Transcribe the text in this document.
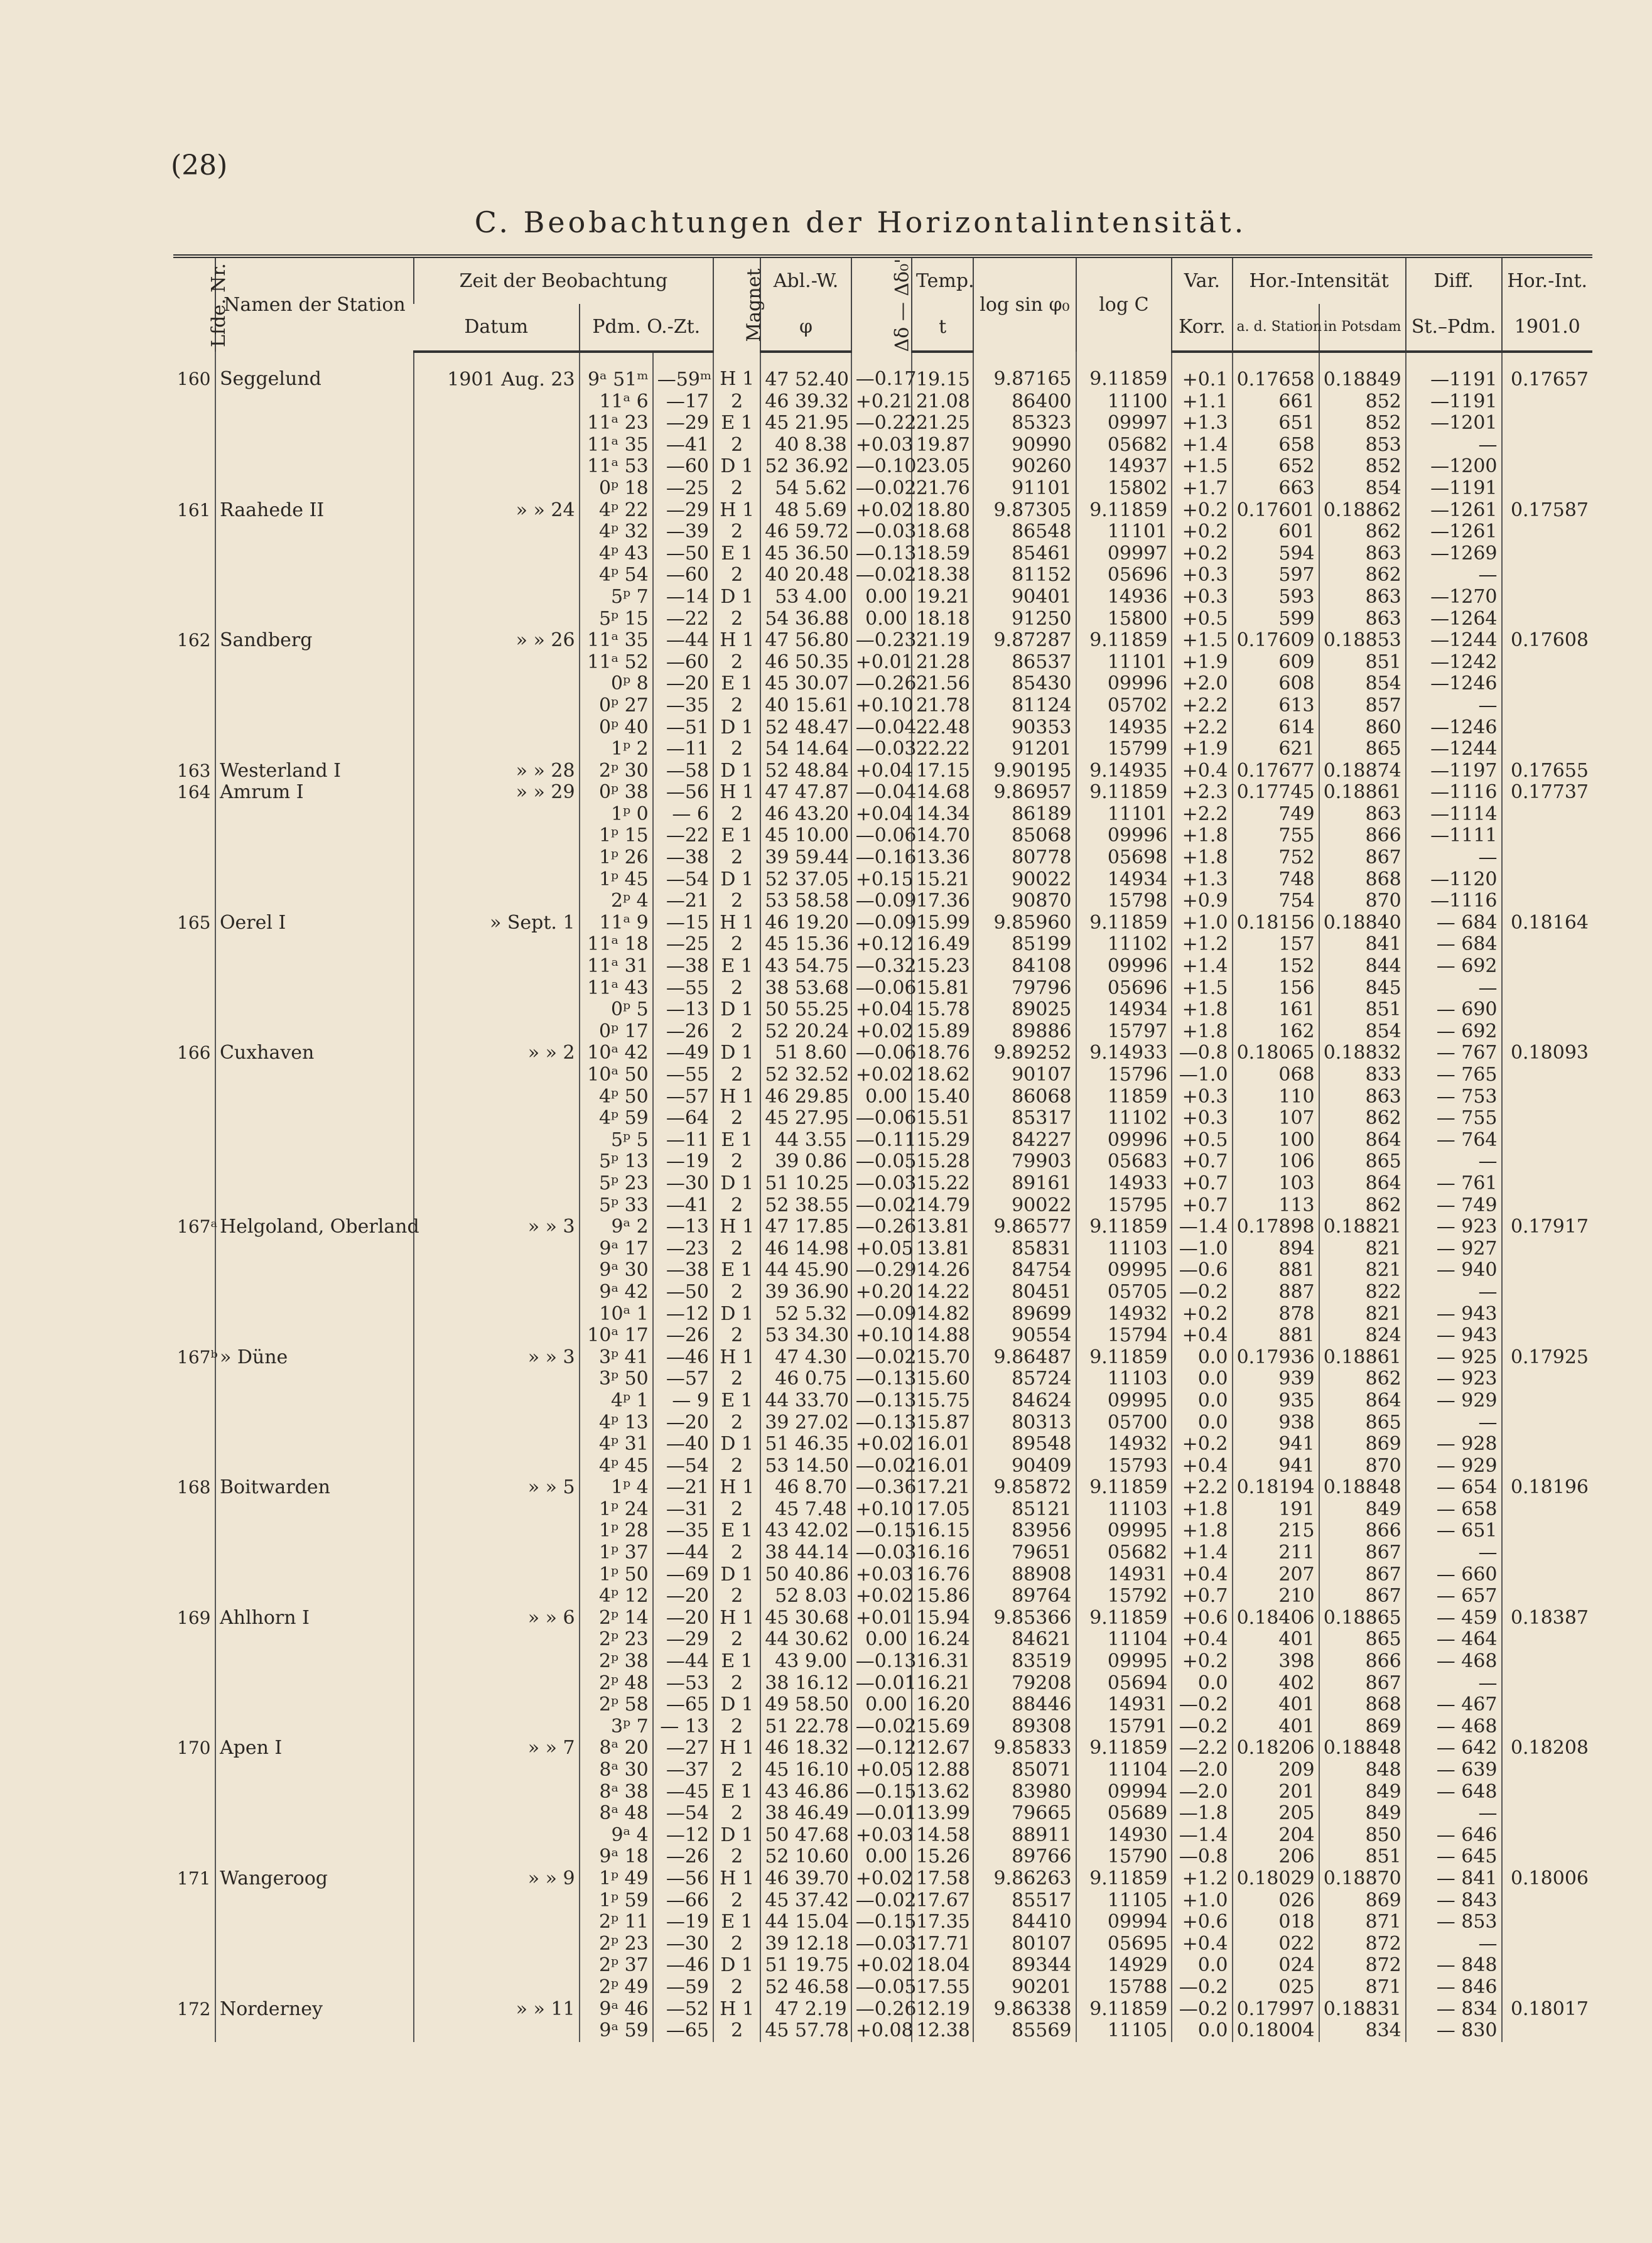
(28)
C. Beobachtungen der Horizontalintensität.
Lfde. Nr.	Namen der Station	Zeit der Beobachtung			Magnet	Abl.-W.	Δδ — Δδ₀'	Temp.	log sin φ₀	log C	Var.	Hor.-Intensität		Diff.	Hor.-Int.
		Datum	Pdm. O.-Zt.			φ		t			Korr.	a. d. Station	in Potsdam	St.–Pdm.	1901.0
160	Seggelund	1901 Aug. 23	9ᵃ 51ᵐ	—59ᵐ	H 1	47 52.40	—0.17	19.15	9.87165	9.11859	+0.1	0.17658	0.18849	—1191	0.17657
			11ᵃ 6	—17	2	46 39.32	+0.21	21.08	86400	11100	+1.1	661	852	—1191	
			11ᵃ 23	—29	E 1	45 21.95	—0.22	21.25	85323	09997	+1.3	651	852	—1201	
			11ᵃ 35	—41	2	40 8.38	+0.03	19.87	90990	05682	+1.4	658	853	—	
			11ᵃ 53	—60	D 1	52 36.92	—0.10	23.05	90260	14937	+1.5	652	852	—1200	
			0ᵖ 18	—25	2	54 5.62	—0.02	21.76	91101	15802	+1.7	663	854	—1191	
161	Raahede II	» » 24	4ᵖ 22	—29	H 1	48 5.69	+0.02	18.80	9.87305	9.11859	+0.2	0.17601	0.18862	—1261	0.17587
			4ᵖ 32	—39	2	46 59.72	—0.03	18.68	86548	11101	+0.2	601	862	—1261	
			4ᵖ 43	—50	E 1	45 36.50	—0.13	18.59	85461	09997	+0.2	594	863	—1269	
			4ᵖ 54	—60	2	40 20.48	—0.02	18.38	81152	05696	+0.3	597	862	—	
			5ᵖ 7	—14	D 1	53 4.00	0.00	19.21	90401	14936	+0.3	593	863	—1270	
			5ᵖ 15	—22	2	54 36.88	0.00	18.18	91250	15800	+0.5	599	863	—1264	
162	Sandberg	» » 26	11ᵃ 35	—44	H 1	47 56.80	—0.23	21.19	9.87287	9.11859	+1.5	0.17609	0.18853	—1244	0.17608
			11ᵃ 52	—60	2	46 50.35	+0.01	21.28	86537	11101	+1.9	609	851	—1242	
			0ᵖ 8	—20	E 1	45 30.07	—0.26	21.56	85430	09996	+2.0	608	854	—1246	
			0ᵖ 27	—35	2	40 15.61	+0.10	21.78	81124	05702	+2.2	613	857	—	
			0ᵖ 40	—51	D 1	52 48.47	—0.04	22.48	90353	14935	+2.2	614	860	—1246	
			1ᵖ 2	—11	2	54 14.64	—0.03	22.22	91201	15799	+1.9	621	865	—1244	
163	Westerland I	» » 28	2ᵖ 30	—58	D 1	52 48.84	+0.04	17.15	9.90195	9.14935	+0.4	0.17677	0.18874	—1197	0.17655
164	Amrum I	» » 29	0ᵖ 38	—56	H 1	47 47.87	—0.04	14.68	9.86957	9.11859	+2.3	0.17745	0.18861	—1116	0.17737
			1ᵖ 0	— 6	2	46 43.20	+0.04	14.34	86189	11101	+2.2	749	863	—1114	
			1ᵖ 15	—22	E 1	45 10.00	—0.06	14.70	85068	09996	+1.8	755	866	—1111	
			1ᵖ 26	—38	2	39 59.44	—0.16	13.36	80778	05698	+1.8	752	867	—	
			1ᵖ 45	—54	D 1	52 37.05	+0.15	15.21	90022	14934	+1.3	748	868	—1120	
			2ᵖ 4	—21	2	53 58.58	—0.09	17.36	90870	15798	+0.9	754	870	—1116	
165	Oerel I	» Sept. 1	11ᵃ 9	—15	H 1	46 19.20	—0.09	15.99	9.85960	9.11859	+1.0	0.18156	0.18840	— 684	0.18164
			11ᵃ 18	—25	2	45 15.36	+0.12	16.49	85199	11102	+1.2	157	841	— 684	
			11ᵃ 31	—38	E 1	43 54.75	—0.32	15.23	84108	09996	+1.4	152	844	— 692	
			11ᵃ 43	—55	2	38 53.68	—0.06	15.81	79796	05696	+1.5	156	845	—	
			0ᵖ 5	—13	D 1	50 55.25	+0.04	15.78	89025	14934	+1.8	161	851	— 690	
			0ᵖ 17	—26	2	52 20.24	+0.02	15.89	89886	15797	+1.8	162	854	— 692	
166	Cuxhaven	» » 2	10ᵃ 42	—49	D 1	51 8.60	—0.06	18.76	9.89252	9.14933	—0.8	0.18065	0.18832	— 767	0.18093
			10ᵃ 50	—55	2	52 32.52	+0.02	18.62	90107	15796	—1.0	068	833	— 765	
			4ᵖ 50	—57	H 1	46 29.85	0.00	15.40	86068	11859	+0.3	110	863	— 753	
			4ᵖ 59	—64	2	45 27.95	—0.06	15.51	85317	11102	+0.3	107	862	— 755	
			5ᵖ 5	—11	E 1	44 3.55	—0.11	15.29	84227	09996	+0.5	100	864	— 764	
			5ᵖ 13	—19	2	39 0.86	—0.05	15.28	79903	05683	+0.7	106	865	—	
			5ᵖ 23	—30	D 1	51 10.25	—0.03	15.22	89161	14933	+0.7	103	864	— 761	
			5ᵖ 33	—41	2	52 38.55	—0.02	14.79	90022	15795	+0.7	113	862	— 749	
167ᵃ	Helgoland, Oberland	» » 3	9ᵃ 2	—13	H 1	47 17.85	—0.26	13.81	9.86577	9.11859	—1.4	0.17898	0.18821	— 923	0.17917
			9ᵃ 17	—23	2	46 14.98	+0.05	13.81	85831	11103	—1.0	894	821	— 927	
			9ᵃ 30	—38	E 1	44 45.90	—0.29	14.26	84754	09995	—0.6	881	821	— 940	
			9ᵃ 42	—50	2	39 36.90	+0.20	14.22	80451	05705	—0.2	887	822	—	
			10ᵃ 1	—12	D 1	52 5.32	—0.09	14.82	89699	14932	+0.2	878	821	— 943	
			10ᵃ 17	—26	2	53 34.30	+0.10	14.88	90554	15794	+0.4	881	824	— 943	
167ᵇ	» Düne	» » 3	3ᵖ 41	—46	H 1	47 4.30	—0.02	15.70	9.86487	9.11859	0.0	0.17936	0.18861	— 925	0.17925
			3ᵖ 50	—57	2	46 0.75	—0.13	15.60	85724	11103	0.0	939	862	— 923	
			4ᵖ 1	— 9	E 1	44 33.70	—0.13	15.75	84624	09995	0.0	935	864	— 929	
			4ᵖ 13	—20	2	39 27.02	—0.13	15.87	80313	05700	0.0	938	865	—	
			4ᵖ 31	—40	D 1	51 46.35	+0.02	16.01	89548	14932	+0.2	941	869	— 928	
			4ᵖ 45	—54	2	53 14.50	—0.02	16.01	90409	15793	+0.4	941	870	— 929	
168	Boitwarden	» » 5	1ᵖ 4	—21	H 1	46 8.70	—0.36	17.21	9.85872	9.11859	+2.2	0.18194	0.18848	— 654	0.18196
			1ᵖ 24	—31	2	45 7.48	+0.10	17.05	85121	11103	+1.8	191	849	— 658	
			1ᵖ 28	—35	E 1	43 42.02	—0.15	16.15	83956	09995	+1.8	215	866	— 651	
			1ᵖ 37	—44	2	38 44.14	—0.03	16.16	79651	05682	+1.4	211	867	—	
			1ᵖ 50	—69	D 1	50 40.86	+0.03	16.76	88908	14931	+0.4	207	867	— 660	
			4ᵖ 12	—20	2	52 8.03	+0.02	15.86	89764	15792	+0.7	210	867	— 657	
169	Ahlhorn I	» » 6	2ᵖ 14	—20	H 1	45 30.68	+0.01	15.94	9.85366	9.11859	+0.6	0.18406	0.18865	— 459	0.18387
			2ᵖ 23	—29	2	44 30.62	0.00	16.24	84621	11104	+0.4	401	865	— 464	
			2ᵖ 38	—44	E 1	43 9.00	—0.13	16.31	83519	09995	+0.2	398	866	— 468	
			2ᵖ 48	—53	2	38 16.12	—0.01	16.21	79208	05694	0.0	402	867	—	
			2ᵖ 58	—65	D 1	49 58.50	0.00	16.20	88446	14931	—0.2	401	868	— 467	
			3ᵖ 7	— 13	2	51 22.78	—0.02	15.69	89308	15791	—0.2	401	869	— 468	
170	Apen I	» » 7	8ᵃ 20	—27	H 1	46 18.32	—0.12	12.67	9.85833	9.11859	—2.2	0.18206	0.18848	— 642	0.18208
			8ᵃ 30	—37	2	45 16.10	+0.05	12.88	85071	11104	—2.0	209	848	— 639	
			8ᵃ 38	—45	E 1	43 46.86	—0.15	13.62	83980	09994	—2.0	201	849	— 648	
			8ᵃ 48	—54	2	38 46.49	—0.01	13.99	79665	05689	—1.8	205	849	—	
			9ᵃ 4	—12	D 1	50 47.68	+0.03	14.58	88911	14930	—1.4	204	850	— 646	
			9ᵃ 18	—26	2	52 10.60	0.00	15.26	89766	15790	—0.8	206	851	— 645	
171	Wangeroog	» » 9	1ᵖ 49	—56	H 1	46 39.70	+0.02	17.58	9.86263	9.11859	+1.2	0.18029	0.18870	— 841	0.18006
			1ᵖ 59	—66	2	45 37.42	—0.02	17.67	85517	11105	+1.0	026	869	— 843	
			2ᵖ 11	—19	E 1	44 15.04	—0.15	17.35	84410	09994	+0.6	018	871	— 853	
			2ᵖ 23	—30	2	39 12.18	—0.03	17.71	80107	05695	+0.4	022	872	—	
			2ᵖ 37	—46	D 1	51 19.75	+0.02	18.04	89344	14929	0.0	024	872	— 848	
			2ᵖ 49	—59	2	52 46.58	—0.05	17.55	90201	15788	—0.2	025	871	— 846	
172	Norderney	» » 11	9ᵃ 46	—52	H 1	47 2.19	—0.26	12.19	9.86338	9.11859	—0.2	0.17997	0.18831	— 834	0.18017
			9ᵃ 59	—65	2	45 57.78	+0.08	12.38	85569	11105	0.0	0.18004	834	— 830	
